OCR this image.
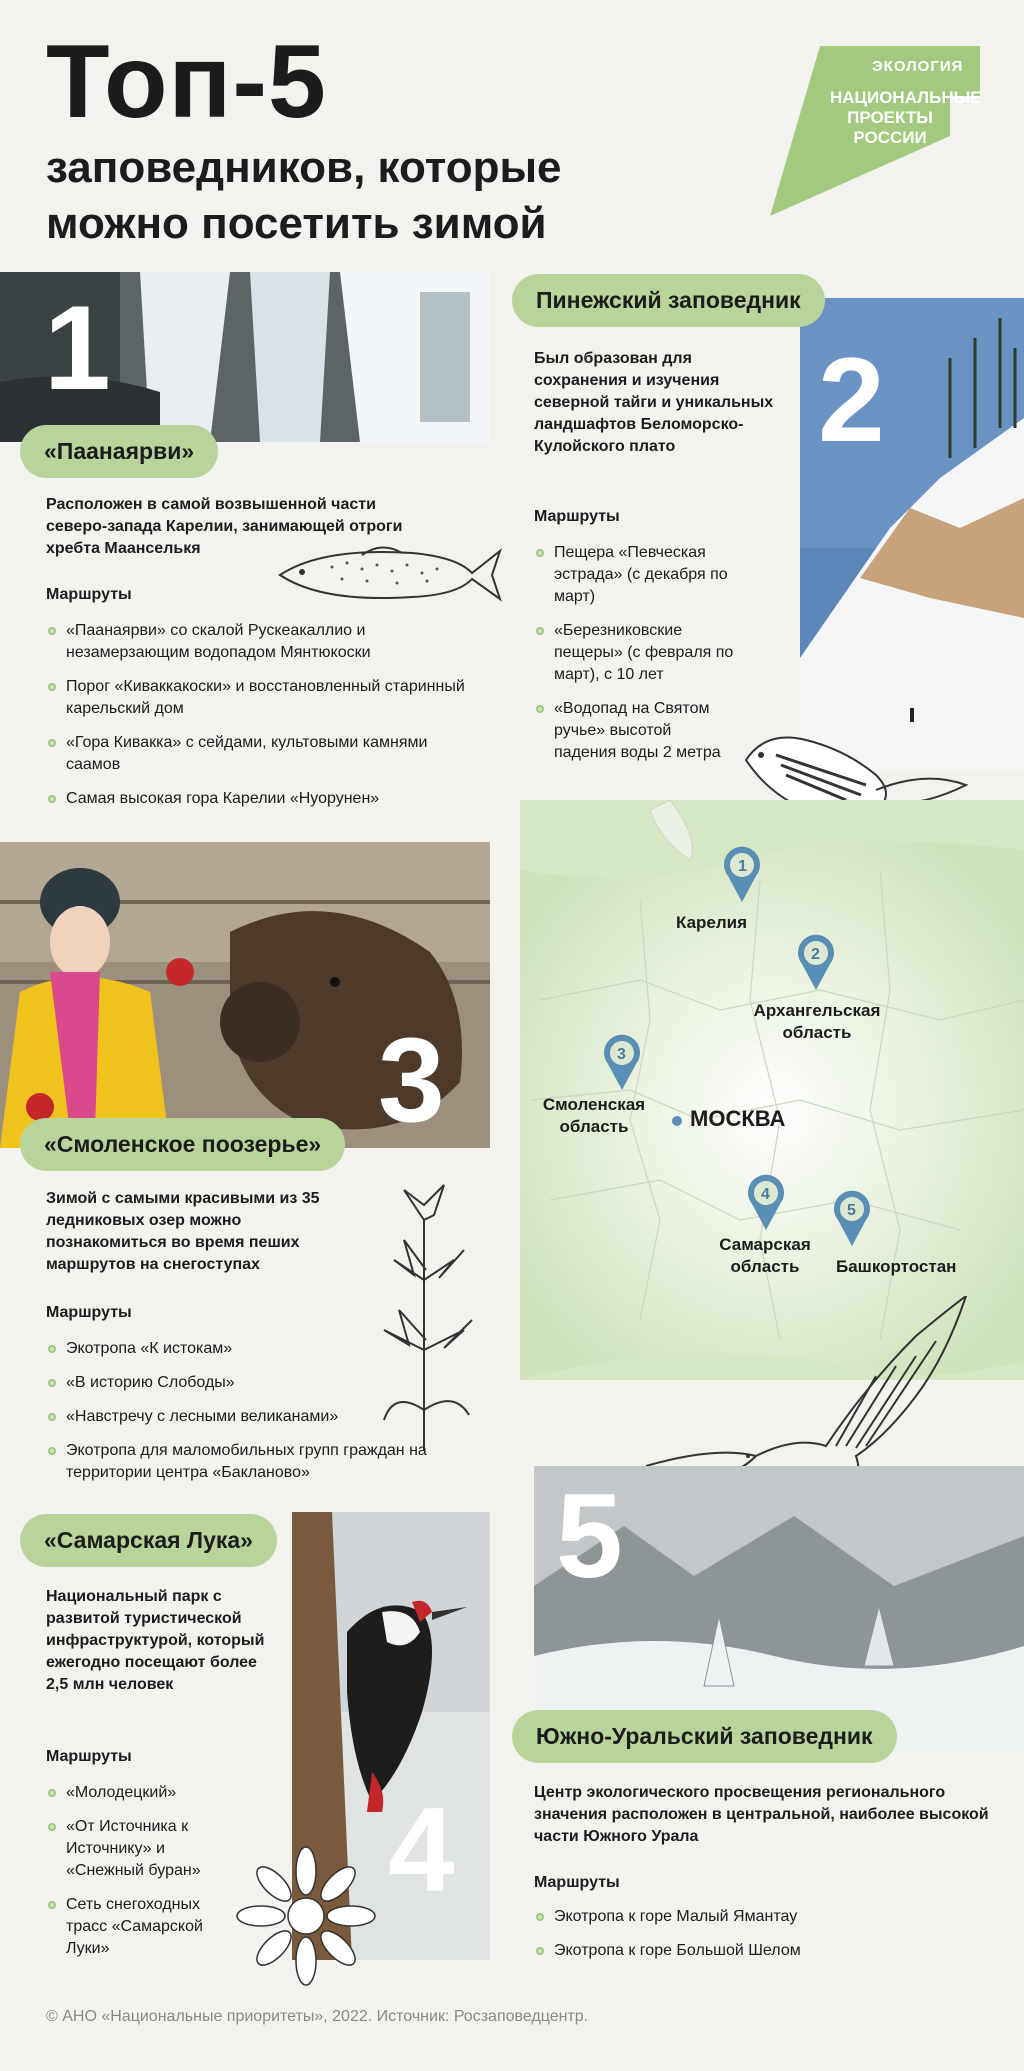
Топ-5

заповедников, которые можно посетить зимой

ЭКОЛОГИЯ
НАЦИОНАЛЬНЫЕ ПРОЕКТЫ РОССИИ
1
«Паанаярви»
Расположен в самой возвышенной части северо-запада Карелии, занимающей отроги хребта Маанселькя
Маршруты
«Паанаярви» со скалой Рускеакаллио и незамерзающим водопадом Мянтюкоски
Порог «Киваккакоски» и восстановленный старинный карельский дом
«Гора Кивакка» с сейдами, культовыми камнями саамов
Самая высокая гора Карелии «Нуорунен»
2
Пинежский заповедник
Был образован для сохранения и изучения северной тайги и уникальных ландшафтов Беломорско-Кулойского плато
Маршруты
Пещера «Певческая эстрада» (с декабря по март)
«Березниковские пещеры» (с февраля по март), с 10 лет
«Водопад на Святом ручье» высотой падения воды 2 метра
1
Карелия
2
Архангельская область
3
Смоленская область	МОСКВА
4
Самарская область
5
Башкортостан
3
«Смоленское поозерье»
Зимой с самыми красивыми из 35 ледниковых озер можно познакомиться во время пеших маршрутов на снегоступах
Маршруты
Экотропа «К истокам»
«В историю Слободы»
«Навстречу с лесными великанами»
Экотропа для маломобильных групп граждан на территории центра «Бакланово»
4
«Самарская Лука»
Национальный парк с развитой туристической инфраструктурой, который ежегодно посещают более 2,5 млн человек
Маршруты
«Молодецкий»
«От Источника к Источнику» и «Снежный буран»
Сеть снегоходных трасс «Самарской Луки»
5
Южно-Уральский заповедник
Центр экологического просвещения регионального значения расположен в центральной, наиболее высокой части Южного Урала
Маршруты
Экотропа к горе Малый Ямантау
Экотропа к горе Большой Шелом
© АНО «Национальные приоритеты», 2022. Источник: Росзаповедцентр.
